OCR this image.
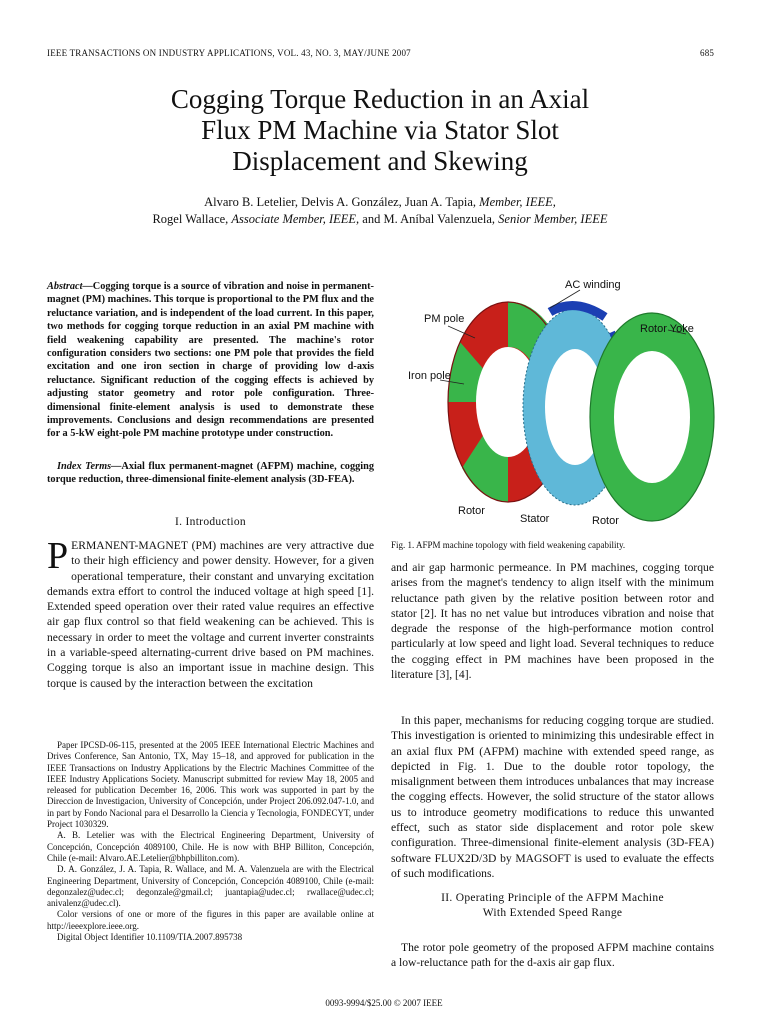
IEEE TRANSACTIONS ON INDUSTRY APPLICATIONS, VOL. 43, NO. 3, MAY/JUNE 2007	685
Cogging Torque Reduction in an Axial
Flux PM Machine via Stator Slot
Displacement and Skewing
Alvaro B. Letelier, Delvis A. González, Juan A. Tapia, Member, IEEE,
Rogel Wallace, Associate Member, IEEE, and M. Aníbal Valenzuela, Senior Member, IEEE
Abstract—Cogging torque is a source of vibration and noise in permanent-magnet (PM) machines. This torque is proportional to the PM flux and the reluctance variation, and is independent of the load current. In this paper, two methods for cogging torque reduction in an axial PM machine with field weakening capability are presented. The machine's rotor configuration considers two sections: one PM pole that provides the field excitation and one iron section in charge of providing low d-axis reluctance. Significant reduction of the cogging effects is achieved by adjusting stator geometry and rotor pole configuration. Three-dimensional finite-element analysis is used to demonstrate these improvements. Conclusions and design recommendations are presented for a 5-kW eight-pole PM machine prototype under construction.
Index Terms—Axial flux permanent-magnet (AFPM) machine, cogging torque reduction, three-dimensional finite-element analysis (3D-FEA).
I. Introduction
PERMANENT-MAGNET (PM) machines are very attractive due to their high efficiency and power density. However, for a given operational temperature, their constant and unvarying excitation demands extra effort to control the induced voltage at high speed [1]. Extended speed operation over their rated value requires an effective air gap flux control so that field weakening can be achieved. This is necessary in order to meet the voltage and current inverter constraints in a variable-speed alternating-current drive based on PM machines. Cogging torque is also an important issue in machine design. This torque is caused by the interaction between the excitation

Paper IPCSD-06-115, presented at the 2005 IEEE International Electric Machines and Drives Conference, San Antonio, TX, May 15–18, and approved for publication in the IEEE Transactions on Industry Applications by the Electric Machines Committee of the IEEE Industry Applications Society. Manuscript submitted for review May 18, 2005 and released for publication December 16, 2006. This work was supported in part by the Direccion de Investigacion, University of Concepción, under Project 206.092.047-1.0, and in part by Fondo Nacional para el Desarrollo la Ciencia y Tecnologia, FONDECYT, under Project 1030329.

A. B. Letelier was with the Electrical Engineering Department, University of Concepción, Concepción 4089100, Chile. He is now with BHP Billiton, Concepción, Chile (e-mail: Alvaro.AE.Letelier@bhpbilliton.com).

D. A. González, J. A. Tapia, R. Wallace, and M. A. Valenzuela are with the Electrical Engineering Department, University of Concepción, Concepción 4089100, Chile (e-mail: degonzalez@udec.cl; degonzale@gmail.cl; juantapia@udec.cl; rwallace@udec.cl; anivalenz@udec.cl).

Color versions of one or more of the figures in this paper are available online at http://ieeexplore.ieee.org.

Digital Object Identifier 10.1109/TIA.2007.895738

AC winding
PM pole
Rotor Yoke
Iron pole
Rotor
Stator	Rotor
Fig. 1. AFPM machine topology with field weakening capability.
and air gap harmonic permeance. In PM machines, cogging torque arises from the magnet's tendency to align itself with the minimum reluctance path given by the relative position between rotor and stator [2]. It has no net value but introduces vibration and noise that degrade the response of the high-performance motion control particularly at low speed and light load. Several techniques to reduce the cogging effect in PM machines have been proposed in the literature [3], [4].
In this paper, mechanisms for reducing cogging torque are studied. This investigation is oriented to minimizing this undesirable effect in an axial flux PM (AFPM) machine with extended speed range, as depicted in Fig. 1. Due to the double rotor topology, the misalignment between them introduces unbalances that may increase the cogging effects. However, the solid structure of the stator allows us to introduce geometry modifications to reduce this unwanted effect, such as stator side displacement and rotor pole skew configuration. Three-dimensional finite-element analysis (3D-FEA) software FLUX2D/3D by MAGSOFT is used to evaluate the effects of such modifications.
II. Operating Principle of the AFPM Machine
With Extended Speed Range
The rotor pole geometry of the proposed AFPM machine contains a low-reluctance path for the d-axis air gap flux.
0093-9994/$25.00 © 2007 IEEE
